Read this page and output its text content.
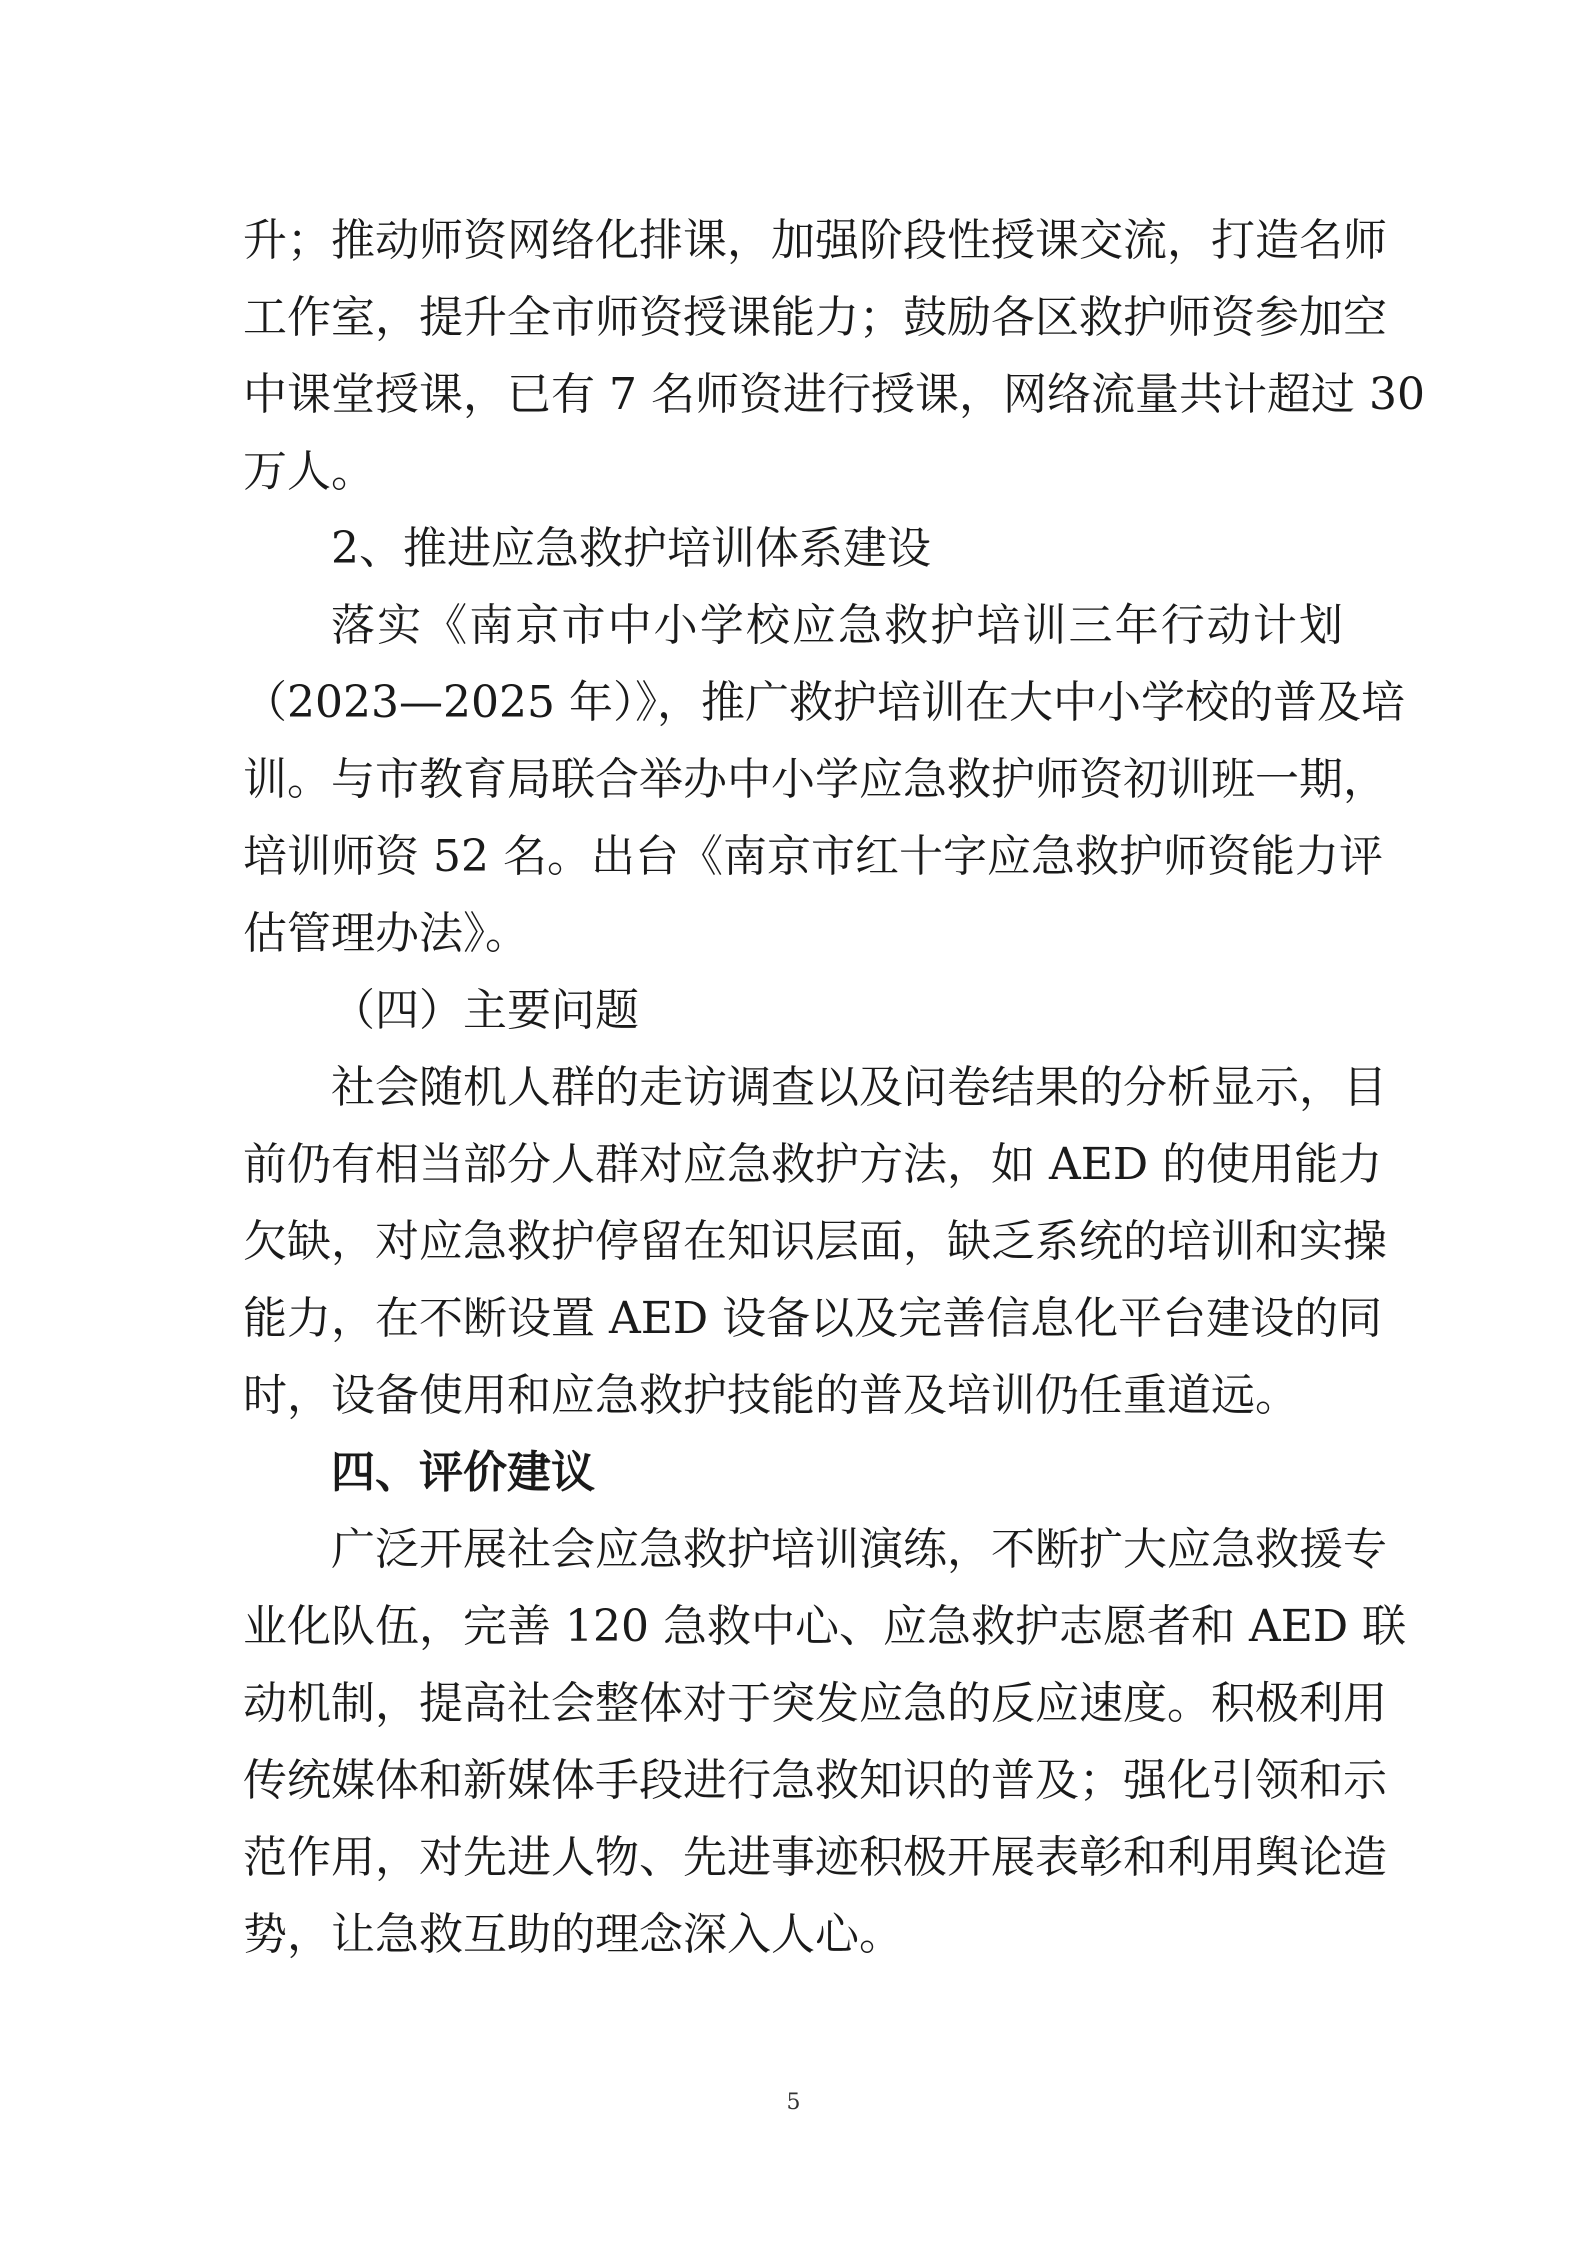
升；推动师资网络化排课，加强阶段性授课交流，打造名师
工作室，提升全市师资授课能力；鼓励各区救护师资参加空
中课堂授课，已有 7 名师资进行授课，网络流量共计超过 30
万人。
2、推进应急救护培训体系建设
落实《南京市中小学校应急救护培训三年行动计划
（2023—2025 年）》，推广救护培训在大中小学校的普及培
训。与市教育局联合举办中小学应急救护师资初训班一期，
培训师资 52 名。出台《南京市红十字应急救护师资能力评
估管理办法》。
（四）主要问题
社会随机人群的走访调查以及问卷结果的分析显示，目
前仍有相当部分人群对应急救护方法，如 AED 的使用能力
欠缺，对应急救护停留在知识层面，缺乏系统的培训和实操
能力，在不断设置 AED 设备以及完善信息化平台建设的同
时，设备使用和应急救护技能的普及培训仍任重道远。
四、评价建议
广泛开展社会应急救护培训演练，不断扩大应急救援专
业化队伍，完善 120 急救中心、应急救护志愿者和 AED 联
动机制，提高社会整体对于突发应急的反应速度。积极利用
传统媒体和新媒体手段进行急救知识的普及；强化引领和示
范作用，对先进人物、先进事迹积极开展表彰和利用舆论造
势，让急救互助的理念深入人心。
5
